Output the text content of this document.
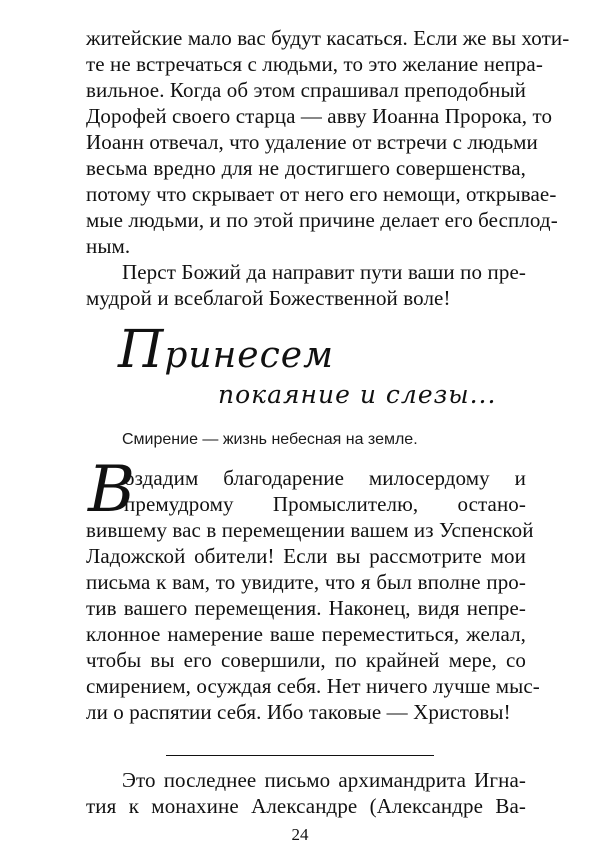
житейские мало вас будут касаться. Если же вы хоти-
те не встречаться с людьми, то это желание непра-
вильное. Когда об этом спрашивал преподобный
Дорофей своего старца — авву Иоанна Пророка, то
Иоанн отвечал, что удаление от встречи с людьми
весьма вредно для не достигшего совершенства,
потому что скрывает от него его немощи, открывае-
мые людьми, и по этой причине делает его бесплод-
ным.
Перст Божий да направит пути ваши по пре-
мудрой и всеблагой Божественной воле!
Принесем
покаяние и слезы...
Смирение — жизнь небесная на земле.
В
оздадим благодарение милосердому и
премудрому Промыслителю, остано-
вившему вас в перемещении вашем из Успенской
Ладожской обители! Если вы рассмотрите мои
письма к вам, то увидите, что я был вполне про-
тив вашего перемещения. Наконец, видя непре-
клонное намерение ваше переместиться, желал,
чтобы вы его совершили, по крайней мере, со
смирением, осуждая себя. Нет ничего лучше мыс-
ли о распятии себя. Ибо таковые — Христовы!
Это последнее письмо архимандрита Игна-
тия к монахине Александре (Александре Ва-
24
